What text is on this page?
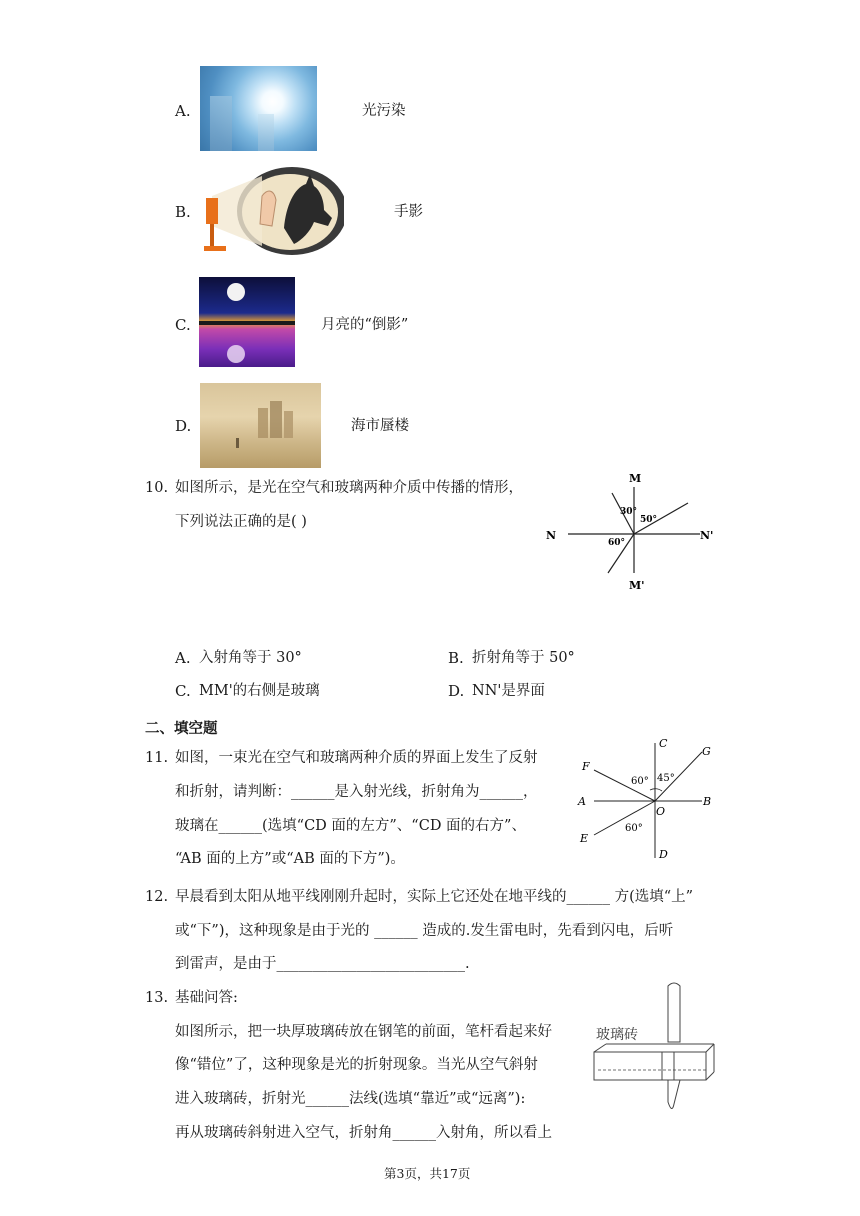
A.	光污染
B.	手影
C.	月亮的“倒影”
D.	海市蜃楼
10. 如图所示，是光在空气和玻璃两种介质中传播的情形，
下列说法正确的是( )
M
M'
N	N'
30°
50°
60°
A. 入射角等于 30°	B. 折射角等于 50°
C. MM'的右侧是玻璃	D. NN'是界面
二、填空题
11. 如图，一束光在空气和玻璃两种介质的界面上发生了反射
和折射，请判断：______是入射光线，折射角为______，
玻璃在______(选填“CD 面的左方”、“CD 面的右方”、
“AB 面的上方”或“AB 面的下方”)。
C
D
A	B
F
E
G
O
60° 45°
60°
12. 早晨看到太阳从地平线刚刚升起时，实际上它还处在地平线的______ 方(选填“上”
或“下”)，这种现象是由于光的 ______ 造成的.发生雷电时，先看到闪电，后听
到雷声，是由于__________________________.
13. 基础问答:
如图所示，把一块厚玻璃砖放在钢笔的前面，笔杆看起来好
像“错位”了，这种现象是光的折射现象。当光从空气斜射
进入玻璃砖，折射光______法线(选填“靠近”或“远离”):
再从玻璃砖斜射进入空气，折射角______入射角，所以看上
玻璃砖
第3页，共17页
